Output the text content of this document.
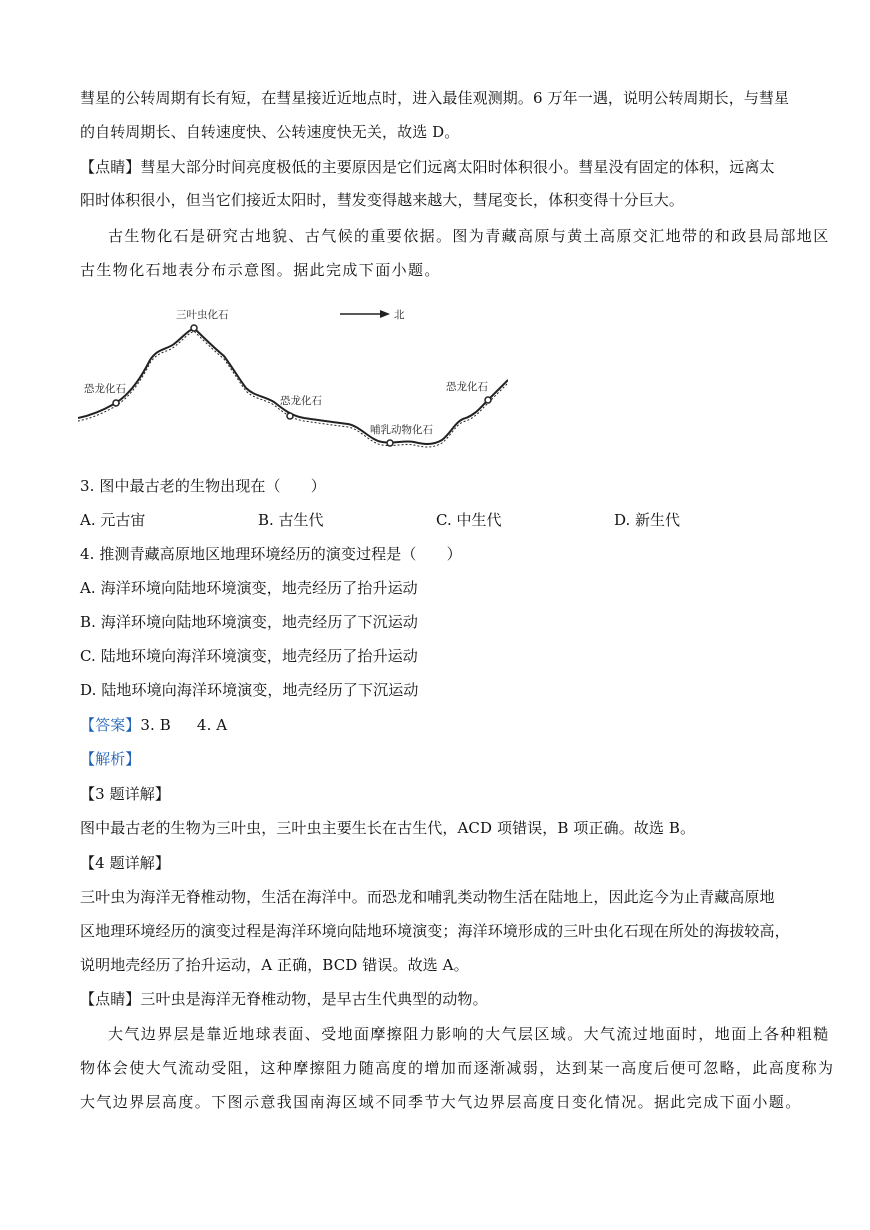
彗星的公转周期有长有短，在彗星接近近地点时，进入最佳观测期。6 万年一遇，说明公转周期长，与彗星
的自转周期长、自转速度快、公转速度快无关，故选 D。
【点睛】彗星大部分时间亮度极低的主要原因是它们远离太阳时体积很小。彗星没有固定的体积，远离太
阳时体积很小，但当它们接近太阳时，彗发变得越来越大，彗尾变长，体积变得十分巨大。
古生物化石是研究古地貌、古气候的重要依据。图为青藏高原与黄土高原交汇地带的和政县局部地区
古生物化石地表分布示意图。据此完成下面小题。
北
三叶虫化石
恐龙化石
恐龙化石
哺乳动物化石
恐龙化石
3. 图中最古老的生物出现在（　　）
A. 元古宙	B. 古生代	C. 中生代	D. 新生代
4. 推测青藏高原地区地理环境经历的演变过程是（　　）
A. 海洋环境向陆地环境演变，地壳经历了抬升运动
B. 海洋环境向陆地环境演变，地壳经历了下沉运动
C. 陆地环境向海洋环境演变，地壳经历了抬升运动
D. 陆地环境向海洋环境演变，地壳经历了下沉运动
【答案】3. B 4. A
【解析】
【3 题详解】
图中最古老的生物为三叶虫，三叶虫主要生长在古生代，ACD 项错误，B 项正确。故选 B。
【4 题详解】
三叶虫为海洋无脊椎动物，生活在海洋中。而恐龙和哺乳类动物生活在陆地上，因此迄今为止青藏高原地
区地理环境经历的演变过程是海洋环境向陆地环境演变；海洋环境形成的三叶虫化石现在所处的海拔较高，
说明地壳经历了抬升运动，A 正确，BCD 错误。故选 A。
【点睛】三叶虫是海洋无脊椎动物，是早古生代典型的动物。
大气边界层是靠近地球表面、受地面摩擦阻力影响的大气层区域。大气流过地面时，地面上各种粗糙
物体会使大气流动受阻，这种摩擦阻力随高度的增加而逐渐减弱，达到某一高度后便可忽略，此高度称为
大气边界层高度。下图示意我国南海区域不同季节大气边界层高度日变化情况。据此完成下面小题。
